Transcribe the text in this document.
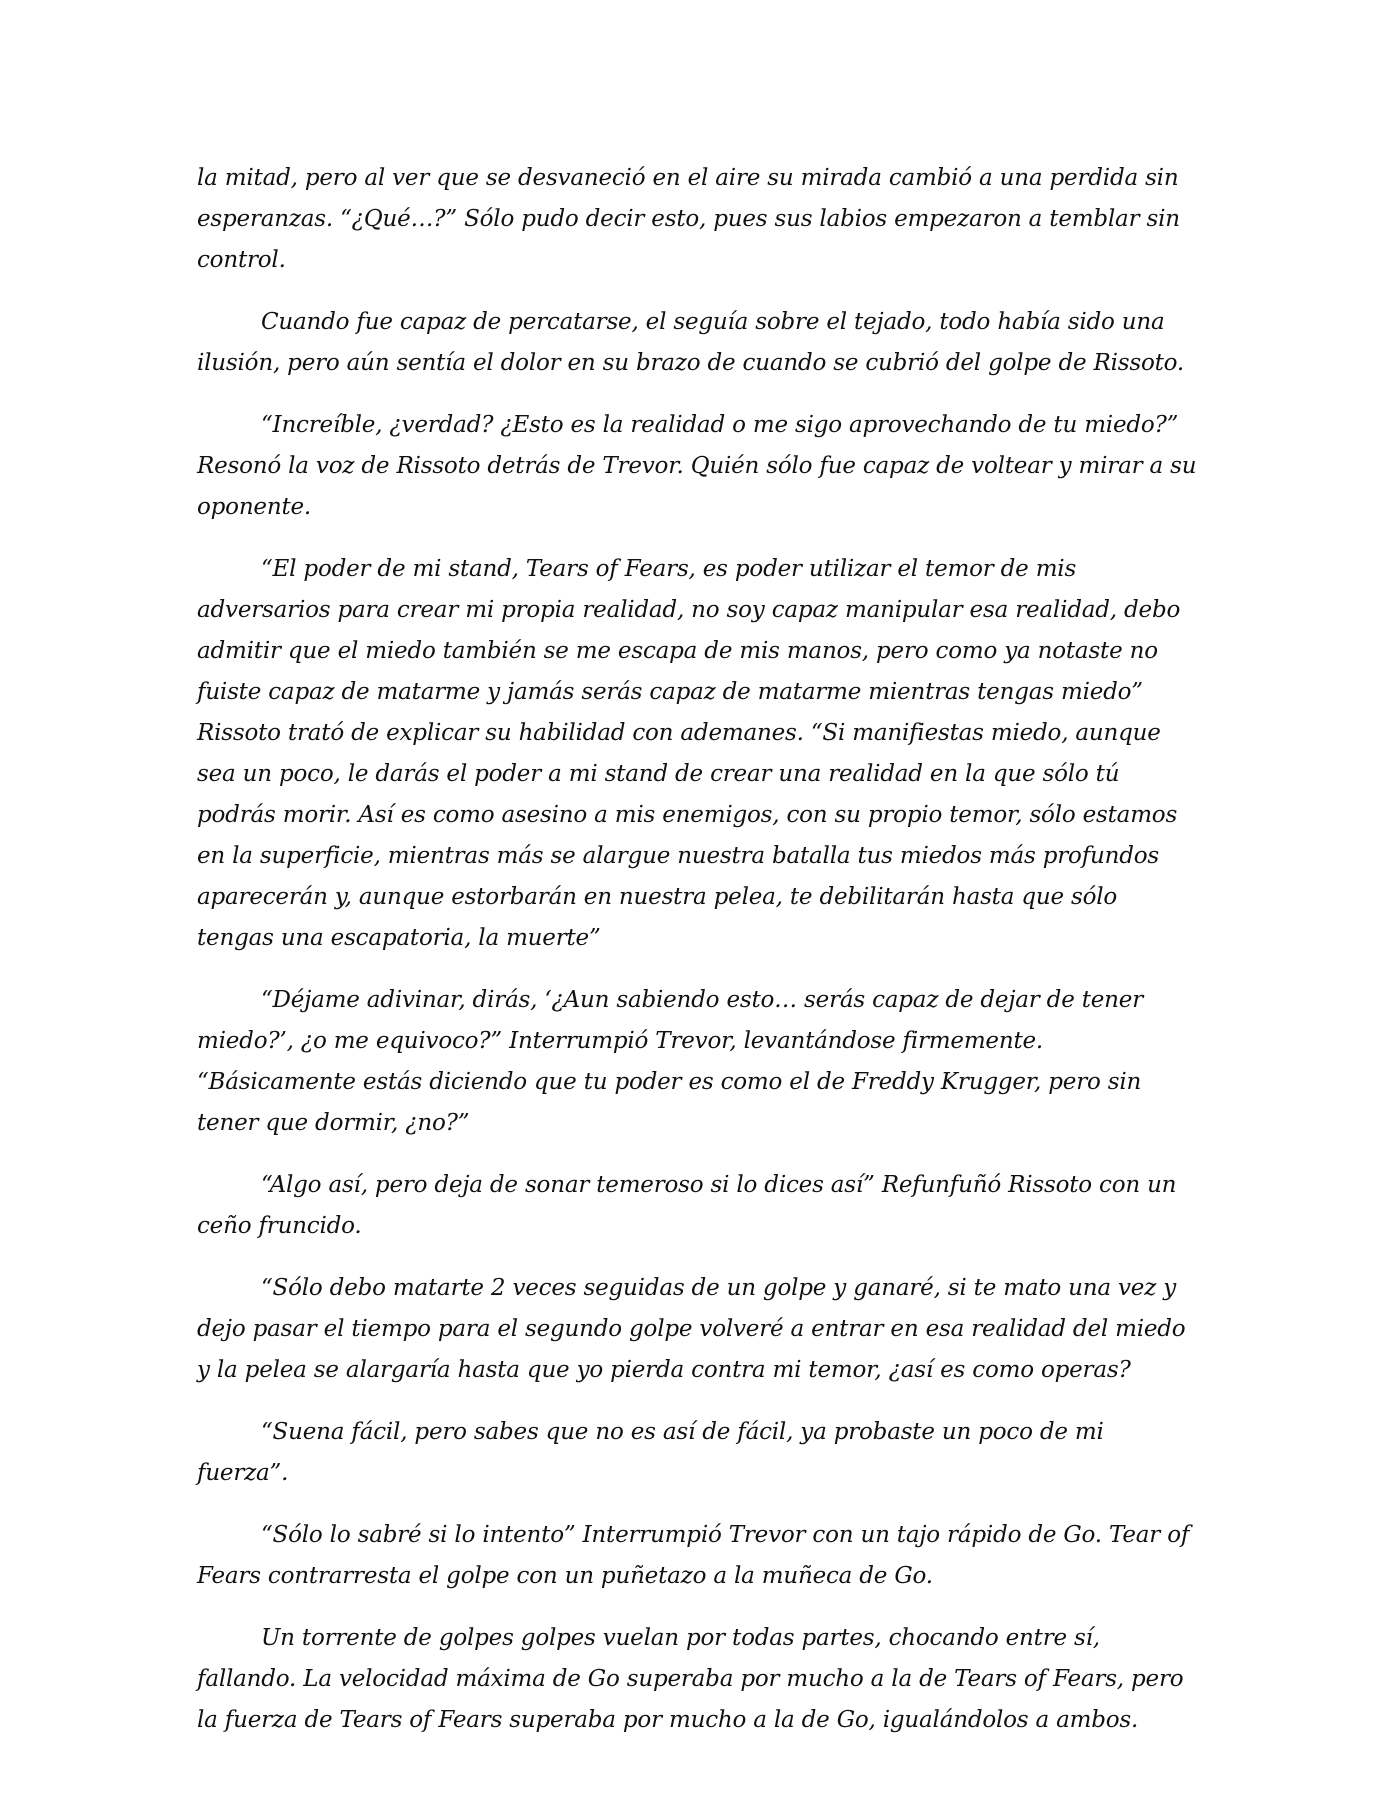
la mitad, pero al ver que se desvaneció en el aire su mirada cambió a una perdida sin esperanzas. “¿Qué…?” Sólo pudo decir esto, pues sus labios empezaron a temblar sin control.

Cuando fue capaz de percatarse, el seguía sobre el tejado, todo había sido una ilusión, pero aún sentía el dolor en su brazo de cuando se cubrió del golpe de Rissoto.

“Increíble, ¿verdad? ¿Esto es la realidad o me sigo aprovechando de tu miedo?” Resonó la voz de Rissoto detrás de Trevor. Quién sólo fue capaz de voltear y mirar a su oponente.

“El poder de mi stand, Tears of Fears, es poder utilizar el temor de mis adversarios para crear mi propia realidad, no soy capaz manipular esa realidad, debo admitir que el miedo también se me escapa de mis manos, pero como ya notaste no fuiste capaz de matarme y jamás serás capaz de matarme mientras tengas miedo” Rissoto trató de explicar su habilidad con ademanes. “Si manifiestas miedo, aunque sea un poco, le darás el poder a mi stand de crear una realidad en la que sólo tú podrás morir. Así es como asesino a mis enemigos, con su propio temor, sólo estamos en la superficie, mientras más se alargue nuestra batalla tus miedos más profundos aparecerán y, aunque estorbarán en nuestra pelea, te debilitarán hasta que sólo tengas una escapatoria, la muerte”

“Déjame adivinar, dirás, ‘¿Aun sabiendo esto… serás capaz de dejar de tener miedo?’, ¿o me equivoco?” Interrumpió Trevor, levantándose firmemente. “Básicamente estás diciendo que tu poder es como el de Freddy Krugger, pero sin tener que dormir, ¿no?”

“Algo así, pero deja de sonar temeroso si lo dices así” Refunfuñó Rissoto con un ceño fruncido.

“Sólo debo matarte 2 veces seguidas de un golpe y ganaré, si te mato una vez y dejo pasar el tiempo para el segundo golpe volveré a entrar en esa realidad del miedo y la pelea se alargaría hasta que yo pierda contra mi temor, ¿así es como operas?

“Suena fácil, pero sabes que no es así de fácil, ya probaste un poco de mi fuerza”.

“Sólo lo sabré si lo intento” Interrumpió Trevor con un tajo rápido de Go. Tear of Fears contrarresta el golpe con un puñetazo a la muñeca de Go.

Un torrente de golpes golpes vuelan por todas partes, chocando entre sí, fallando. La velocidad máxima de Go superaba por mucho a la de Tears of Fears, pero la fuerza de Tears of Fears superaba por mucho a la de Go, igualándolos a ambos.
